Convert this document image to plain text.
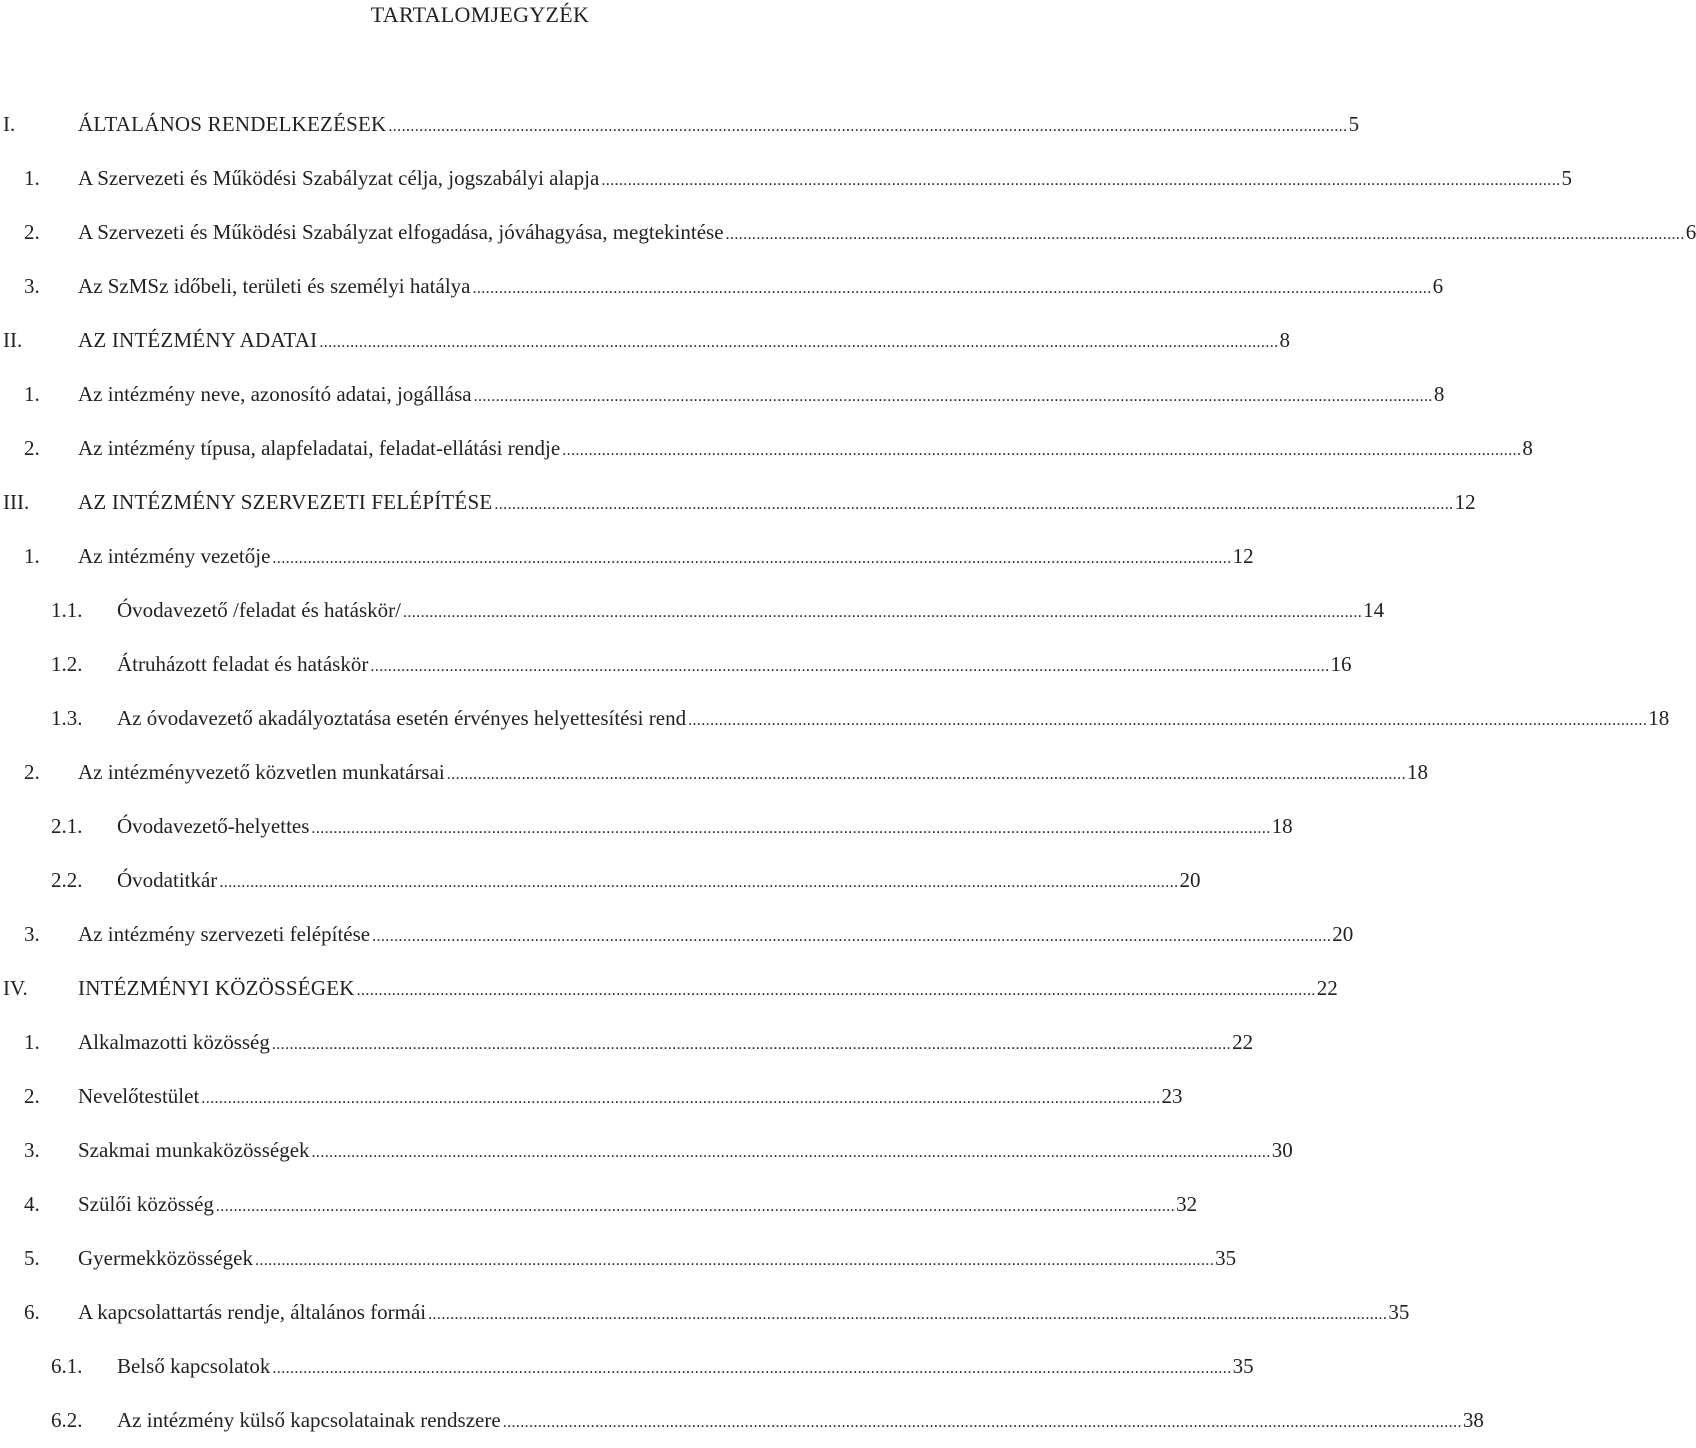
TARTALOMJEGYZÉK
I.	ÁLTALÁNOS RENDELKEZÉSEK .......................................................................................................................................................................................................................... 5
1. A Szervezeti és Működési Szabályzat célja, jogszabályi alapja .......................................................................................................................................................................................................................... 5
2. A Szervezeti és Működési Szabályzat elfogadása, jóváhagyása, megtekintése .......................................................................................................................................................................................................................... 6
3. Az SzMSz időbeli, területi és személyi hatálya .......................................................................................................................................................................................................................... 6
II.	AZ INTÉZMÉNY ADATAI .......................................................................................................................................................................................................................... 8
1. Az intézmény neve, azonosító adatai, jogállása .......................................................................................................................................................................................................................... 8
2. Az intézmény típusa, alapfeladatai, feladat-ellátási rendje .......................................................................................................................................................................................................................... 8
III. AZ INTÉZMÉNY SZERVEZETI FELÉPÍTÉSE .......................................................................................................................................................................................................................... 12
1. Az intézmény vezetője .......................................................................................................................................................................................................................... 12
1.1. Óvodavezető /feladat és hatáskör/ .......................................................................................................................................................................................................................... 14
1.2. Átruházott feladat és hatáskör .......................................................................................................................................................................................................................... 16
1.3. Az óvodavezető akadályoztatása esetén érvényes helyettesítési rend .......................................................................................................................................................................................................................... 18
2. Az intézményvezető közvetlen munkatársai .......................................................................................................................................................................................................................... 18
2.1. Óvodavezető-helyettes .......................................................................................................................................................................................................................... 18
2.2. Óvodatitkár .......................................................................................................................................................................................................................... 20
3. Az intézmény szervezeti felépítése .......................................................................................................................................................................................................................... 20
IV. INTÉZMÉNYI KÖZÖSSÉGEK .......................................................................................................................................................................................................................... 22
1. Alkalmazotti közösség .......................................................................................................................................................................................................................... 22
2. Nevelőtestület .......................................................................................................................................................................................................................... 23
3. Szakmai munkaközösségek .......................................................................................................................................................................................................................... 30
4. Szülői közösség .......................................................................................................................................................................................................................... 32
5. Gyermekközösségek .......................................................................................................................................................................................................................... 35
6. A kapcsolattartás rendje, általános formái .......................................................................................................................................................................................................................... 35
6.1. Belső kapcsolatok .......................................................................................................................................................................................................................... 35
6.2. Az intézmény külső kapcsolatainak rendszere .......................................................................................................................................................................................................................... 38
